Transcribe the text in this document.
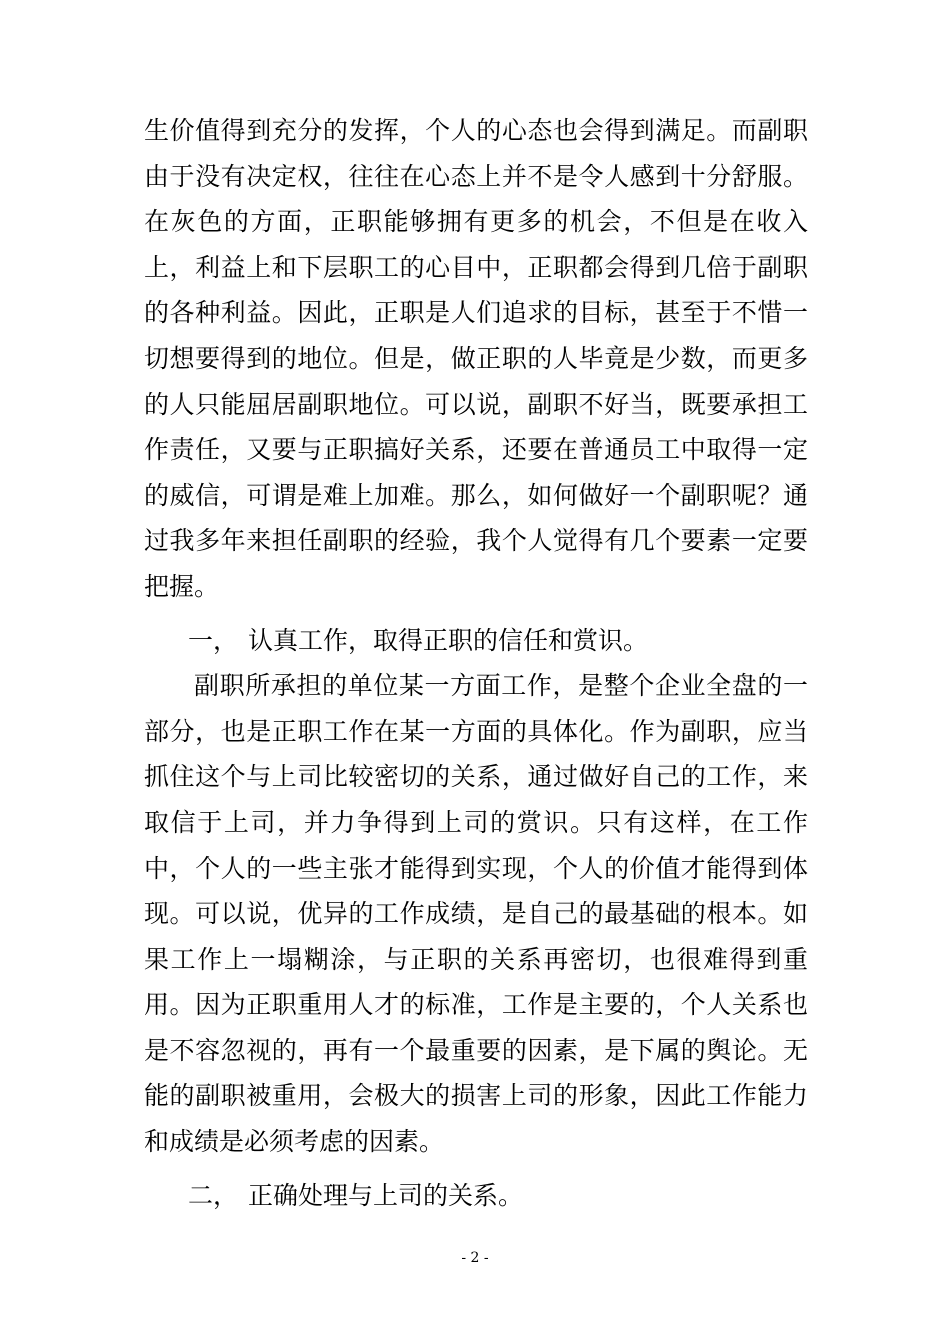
生价值得到充分的发挥，个人的心态也会得到满足。而副职由于没有决定权，往往在心态上并不是令人感到十分舒服。在灰色的方面，正职能够拥有更多的机会，不但是在收入上，利益上和下层职工的心目中，正职都会得到几倍于副职的各种利益。因此，正职是人们追求的目标，甚至于不惜一切想要得到的地位。但是，做正职的人毕竟是少数，而更多的人只能屈居副职地位。可以说，副职不好当，既要承担工作责任，又要与正职搞好关系，还要在普通员工中取得一定的威信，可谓是难上加难。那么，如何做好一个副职呢？通过我多年来担任副职的经验，我个人觉得有几个要素一定要把握。

一， 认真工作，取得正职的信任和赏识。

副职所承担的单位某一方面工作，是整个企业全盘的一部分，也是正职工作在某一方面的具体化。作为副职，应当抓住这个与上司比较密切的关系，通过做好自己的工作，来取信于上司，并力争得到上司的赏识。只有这样，在工作中，个人的一些主张才能得到实现，个人的价值才能得到体现。可以说，优异的工作成绩，是自己的最基础的根本。如果工作上一塌糊涂，与正职的关系再密切，也很难得到重用。因为正职重用人才的标准，工作是主要的，个人关系也是不容忽视的，再有一个最重要的因素，是下属的舆论。无能的副职被重用，会极大的损害上司的形象，因此工作能力和成绩是必须考虑的因素。

二， 正确处理与上司的关系。

- 2 -
